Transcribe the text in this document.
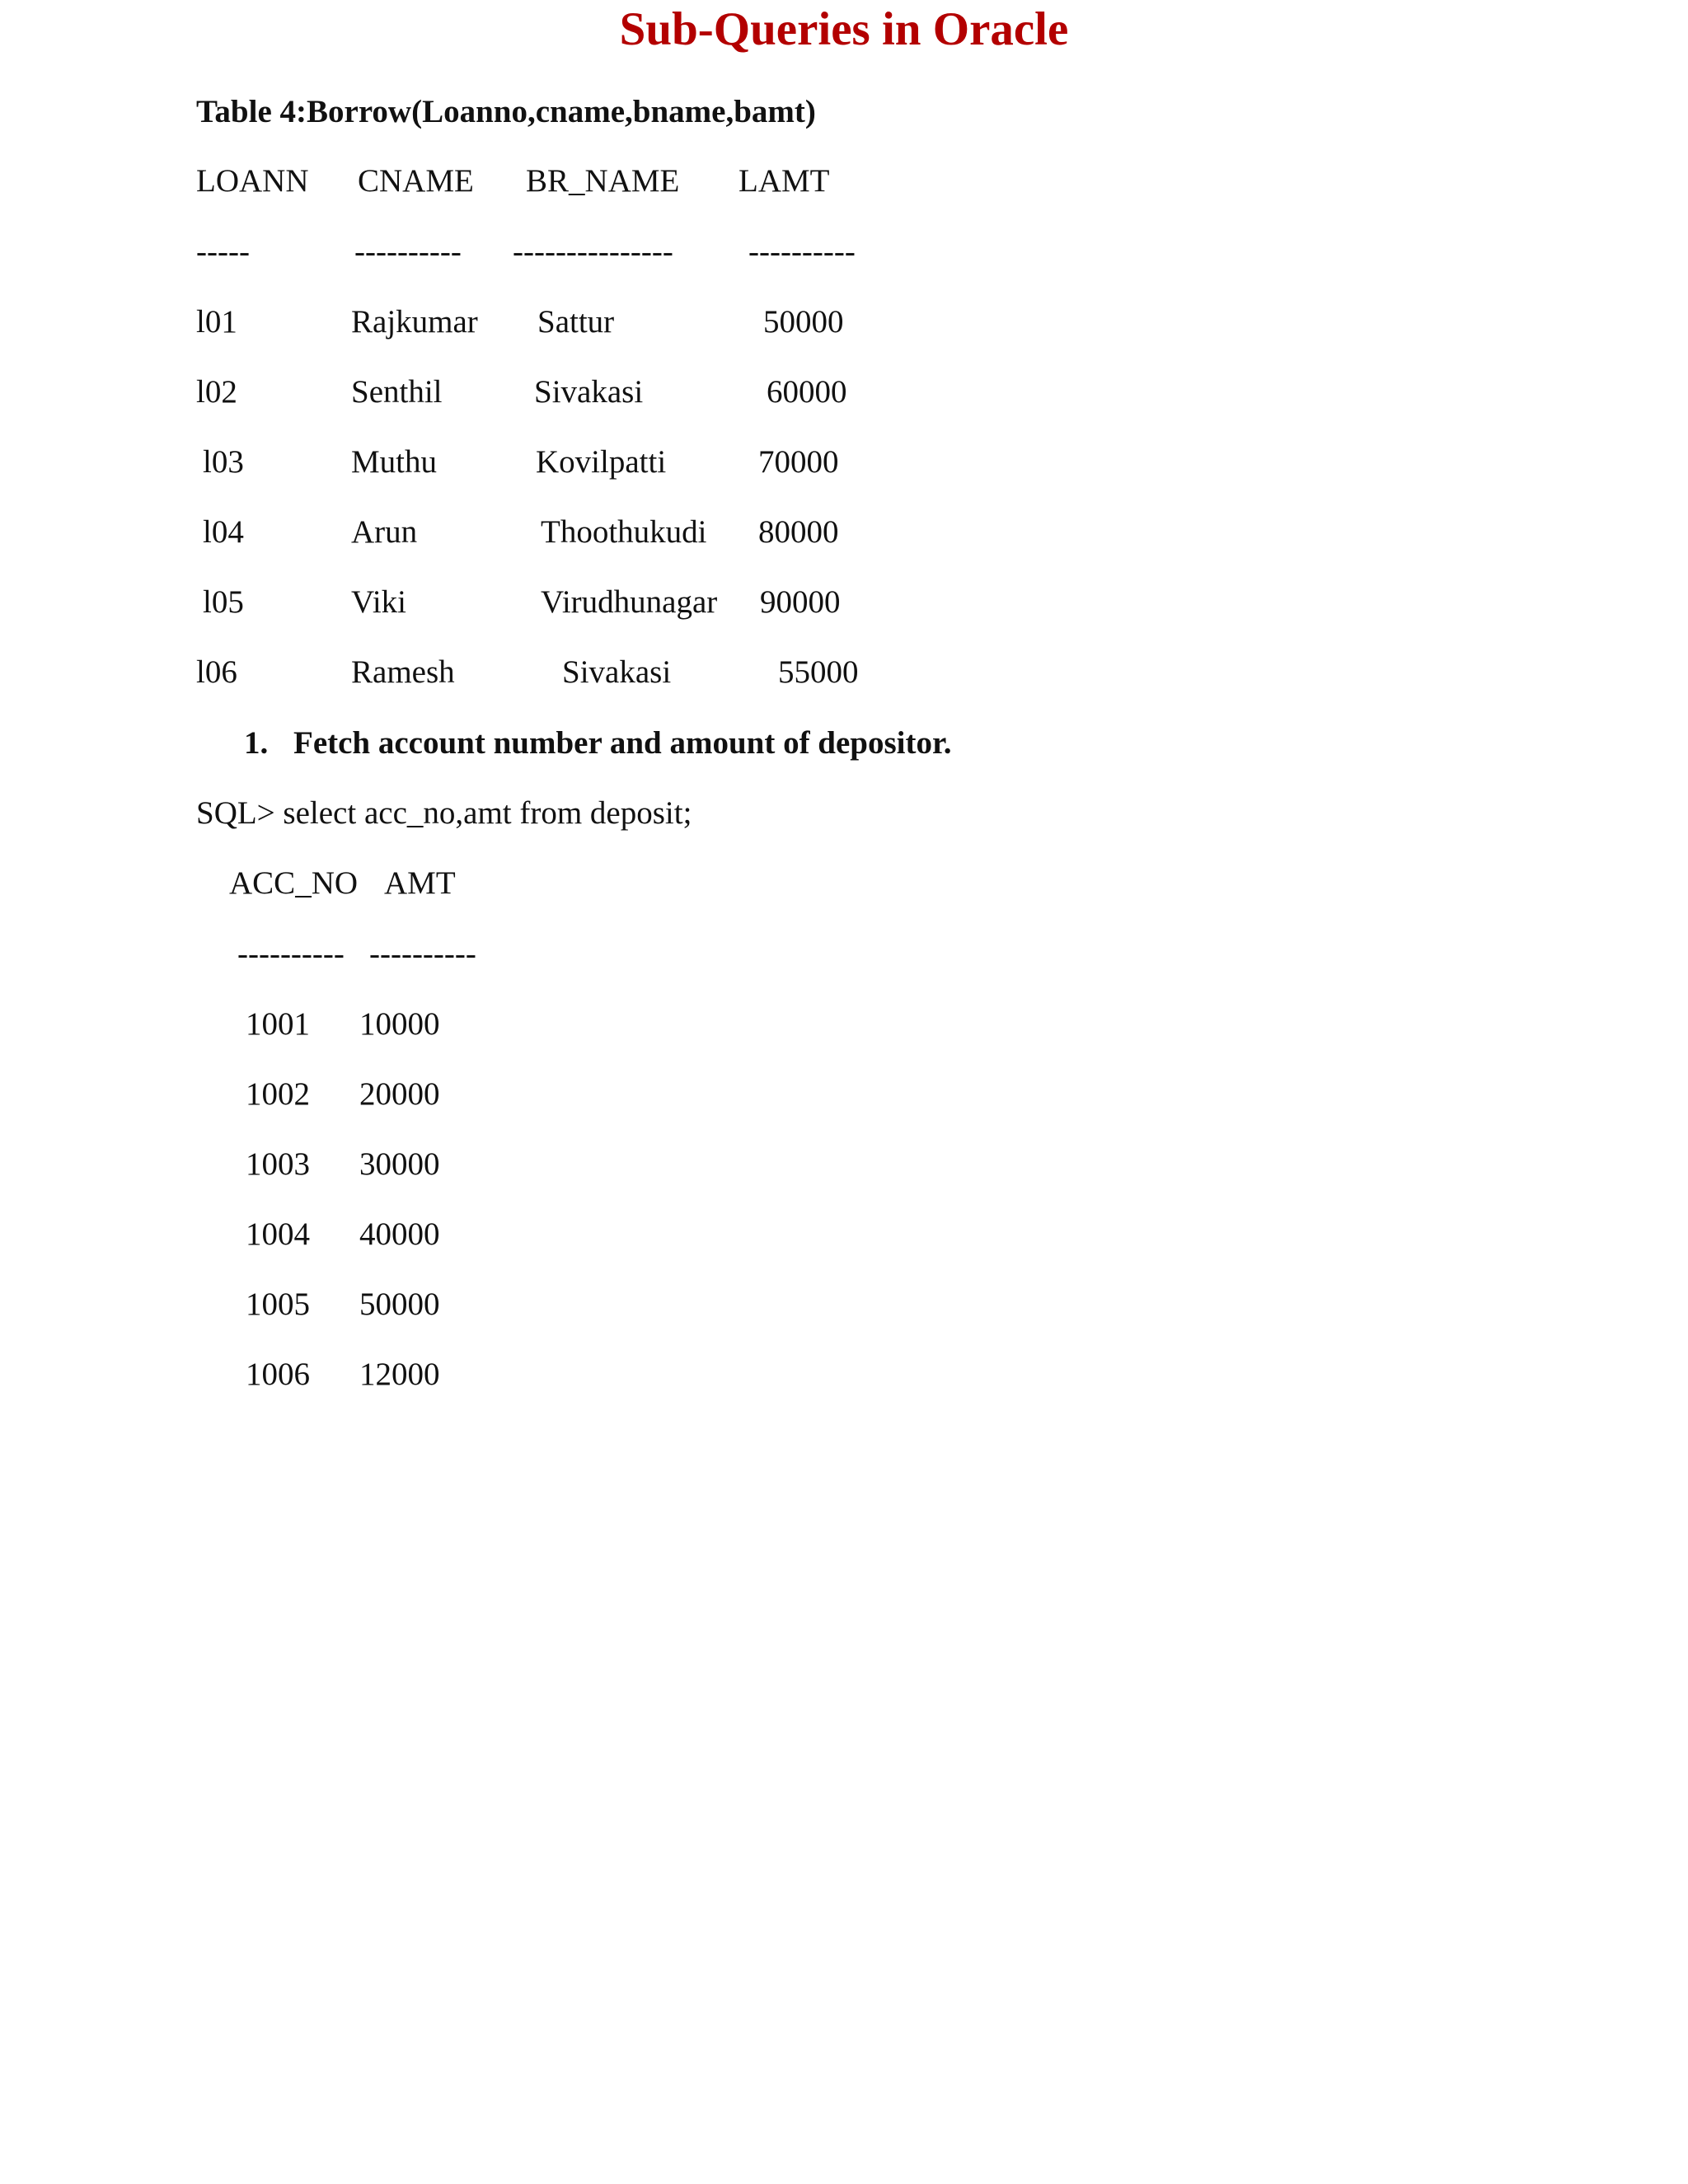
Sub-Queries in Oracle
Table 4:Borrow(Loanno,cname,bname,bamt)
LOANN CNAME BR_NAME LAMT
-----	---------- --------------- ----------
l01	Rajkumar Sattur	50000
l02	Senthil	Sivakasi	60000
l03	Muthu	Kovilpatti	70000
l04	Arun	Thoothukudi 80000
l05	Viki	Virudhunagar 90000
l06	Ramesh	Sivakasi	55000
1. Fetch account number and amount of depositor.
SQL> select acc_no,amt from deposit;
ACC_NO AMT
---------- ----------
1001 10000
1002 20000
1003 30000
1004 40000
1005 50000
1006 12000
